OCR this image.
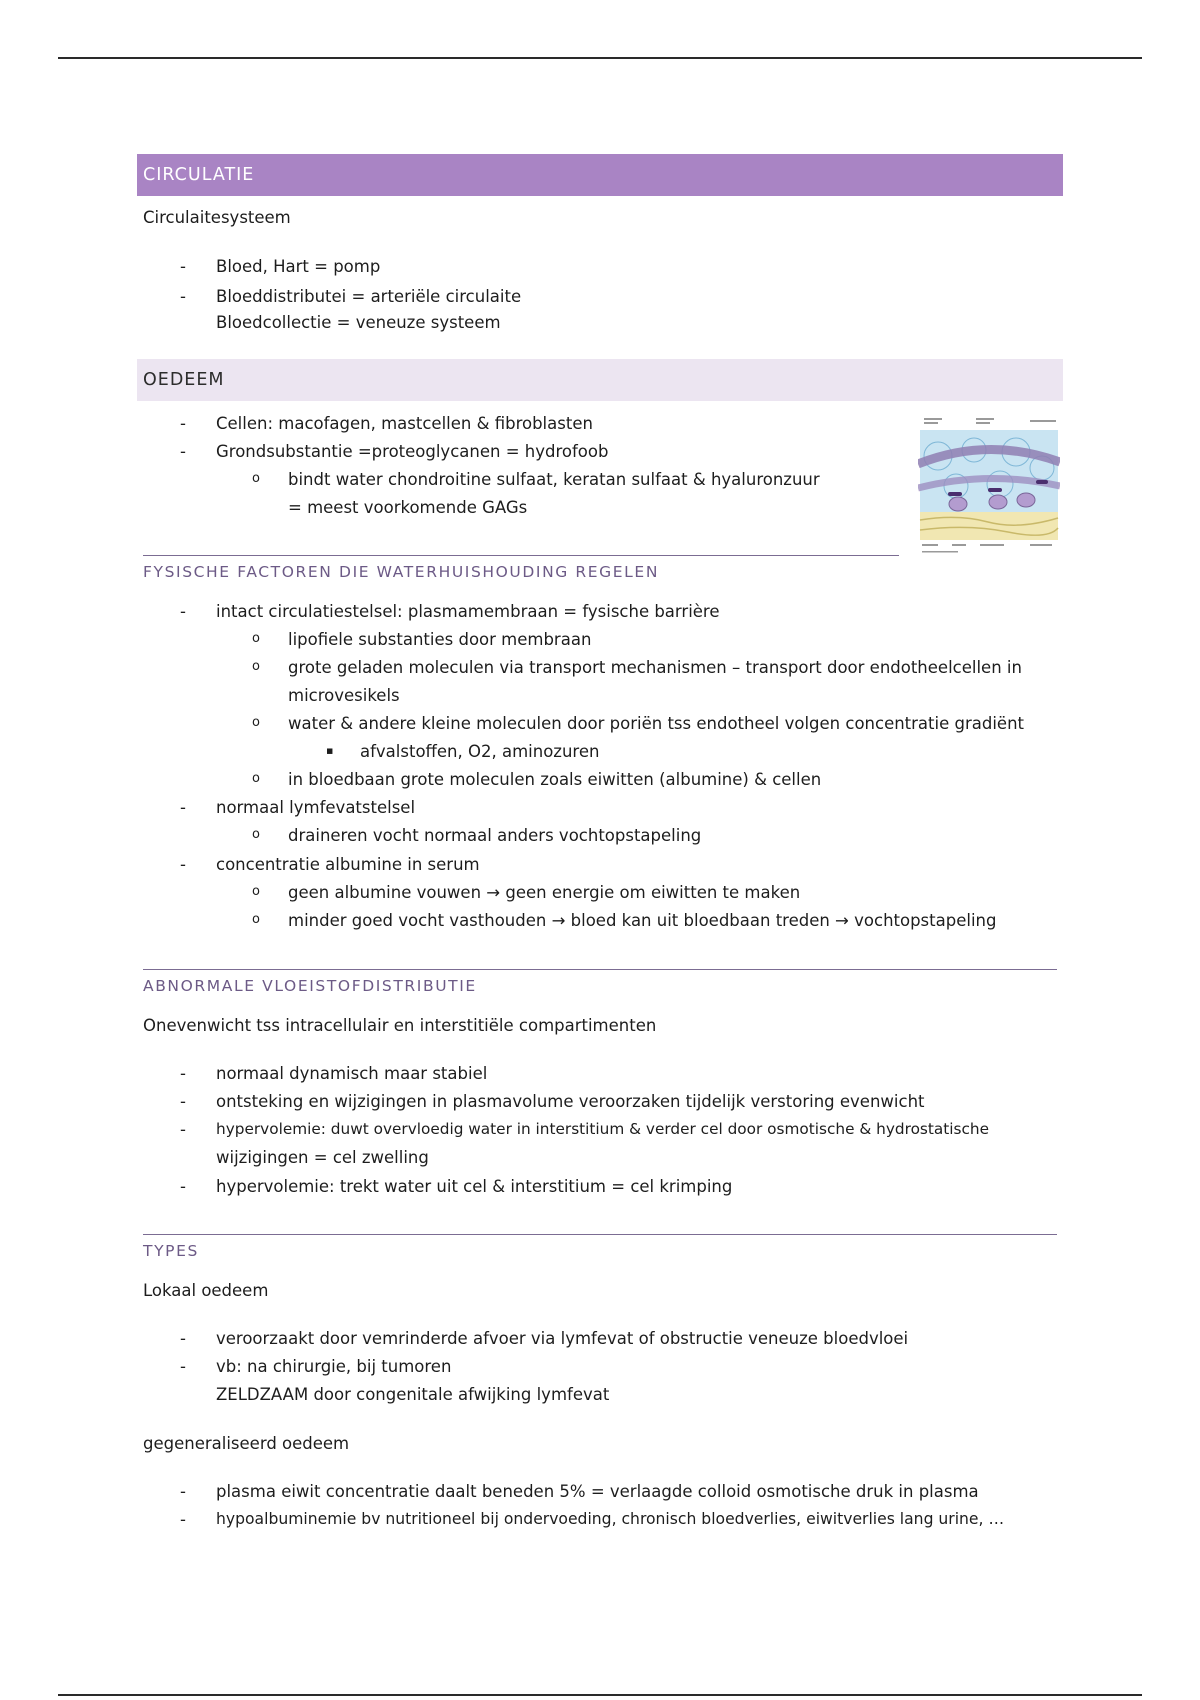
CIRCULATIE
Circulaitesysteem
- Bloed, Hart = pomp
- Bloeddistributei = arteriële circulaite
Bloedcollectie = veneuze systeem
OEDEEM
- Cellen: macofagen, mastcellen & fibroblasten
- Grondsubstantie =proteoglycanen = hydrofoob
o bindt water chondroitine sulfaat, keratan sulfaat & hyaluronzuur
= meest voorkomende GAGs
FYSISCHE FACTOREN DIE WATERHUISHOUDING REGELEN
- intact circulatiestelsel: plasmamembraan = fysische barrière
o lipofiele substanties door membraan
o grote geladen moleculen via transport mechanismen – transport door endotheelcellen in
microvesikels
o water & andere kleine moleculen door poriën tss endotheel volgen concentratie gradiënt
▪ afvalstoffen, O2, aminozuren
o in bloedbaan grote moleculen zoals eiwitten (albumine) & cellen
- normaal lymfevatstelsel
o draineren vocht normaal anders vochtopstapeling
- concentratie albumine in serum
o geen albumine vouwen → geen energie om eiwitten te maken
o minder goed vocht vasthouden → bloed kan uit bloedbaan treden → vochtopstapeling
ABNORMALE VLOEISTOFDISTRIBUTIE
Onevenwicht tss intracellulair en interstitiële compartimenten
- normaal dynamisch maar stabiel
- ontsteking en wijzigingen in plasmavolume veroorzaken tijdelijk verstoring evenwicht
- hypervolemie: duwt overvloedig water in interstitium & verder cel door osmotische & hydrostatische
wijzigingen = cel zwelling
- hypervolemie: trekt water uit cel & interstitium = cel krimping
TYPES
Lokaal oedeem
- veroorzaakt door vemrinderde afvoer via lymfevat of obstructie veneuze bloedvloei
- vb: na chirurgie, bij tumoren
ZELDZAAM door congenitale afwijking lymfevat
gegeneraliseerd oedeem
- plasma eiwit concentratie daalt beneden 5% = verlaagde colloid osmotische druk in plasma
- hypoalbuminemie bv nutritioneel bij ondervoeding, chronisch bloedverlies, eiwitverlies lang urine, …
